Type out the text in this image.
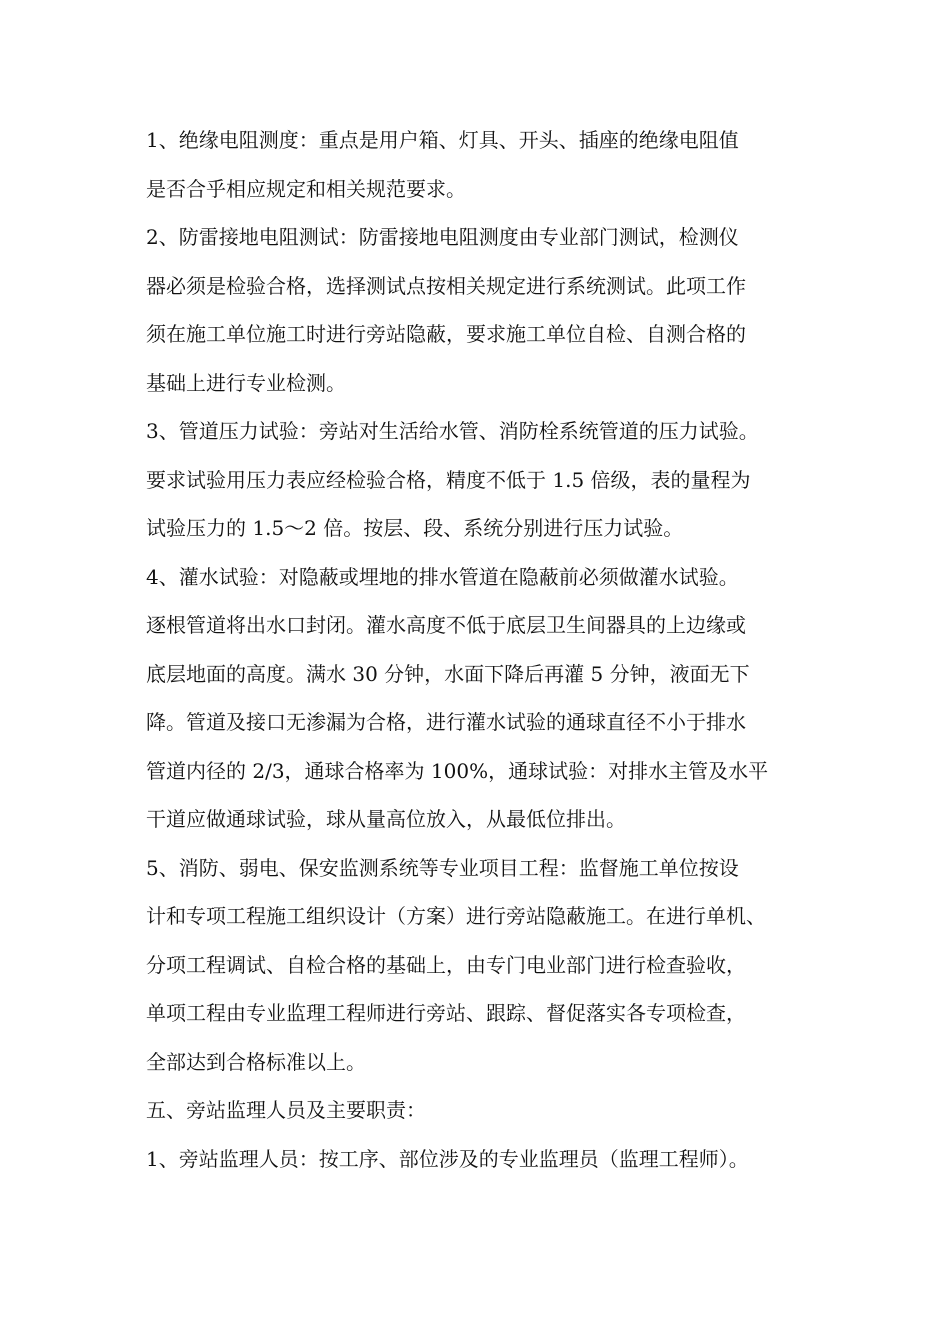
1、绝缘电阻测度：重点是用户箱、灯具、开头、插座的绝缘电阻值
是否合乎相应规定和相关规范要求。
2、防雷接地电阻测试：防雷接地电阻测度由专业部门测试，检测仪
器必须是检验合格，选择测试点按相关规定进行系统测试。此项工作
须在施工单位施工时进行旁站隐蔽，要求施工单位自检、自测合格的
基础上进行专业检测。
3、管道压力试验：旁站对生活给水管、消防栓系统管道的压力试验。
要求试验用压力表应经检验合格，精度不低于 1.5 倍级，表的量程为
试验压力的 1.5～2 倍。按层、段、系统分别进行压力试验。
4、灌水试验：对隐蔽或埋地的排水管道在隐蔽前必须做灌水试验。
逐根管道将出水口封闭。灌水高度不低于底层卫生间器具的上边缘或
底层地面的高度。满水 30 分钟，水面下降后再灌 5 分钟，液面无下
降。管道及接口无渗漏为合格，进行灌水试验的通球直径不小于排水
管道内径的 2/3，通球合格率为 100%，通球试验：对排水主管及水平
干道应做通球试验，球从量高位放入，从最低位排出。
5、消防、弱电、保安监测系统等专业项目工程：监督施工单位按设
计和专项工程施工组织设计（方案）进行旁站隐蔽施工。在进行单机、
分项工程调试、自检合格的基础上，由专门电业部门进行检查验收，
单项工程由专业监理工程师进行旁站、跟踪、督促落实各专项检查，
全部达到合格标准以上。
五、旁站监理人员及主要职责：
1、旁站监理人员：按工序、部位涉及的专业监理员（监理工程师）。
